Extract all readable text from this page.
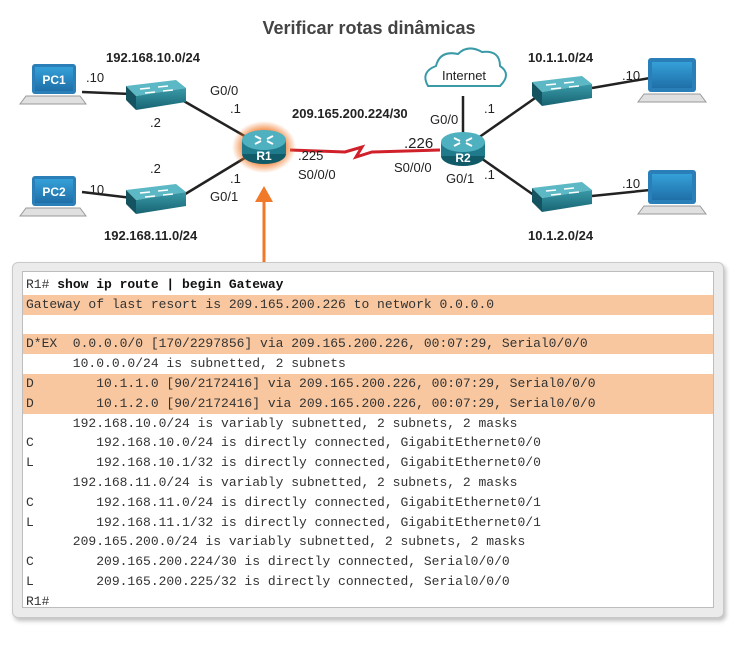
Verificar rotas dinâmicas
PC1
PC2
Internet
R1	R2
192.168.10.0/24
192.168.11.0/24
209.165.200.224/30
10.1.1.0/24
10.1.2.0/24
.10
.10
.2
.2
G0/0
.1
.1
G0/1
.225
S0/0/0
.226
S0/0/0
G0/0
.1
G0/1 .1
.10
.10
R1# show ip route | begin Gateway
Gateway of last resort is 209.165.200.226 to network 0.0.0.0
D*EX  0.0.0.0/0 [170/2297856] via 209.165.200.226, 00:07:29, Serial0/0/0
10.0.0.0/24 is subnetted, 2 subnets
D        10.1.1.0 [90/2172416] via 209.165.200.226, 00:07:29, Serial0/0/0
D        10.1.2.0 [90/2172416] via 209.165.200.226, 00:07:29, Serial0/0/0
192.168.10.0/24 is variably subnetted, 2 subnets, 2 masks
C        192.168.10.0/24 is directly connected, GigabitEthernet0/0
L        192.168.10.1/32 is directly connected, GigabitEthernet0/0
192.168.11.0/24 is variably subnetted, 2 subnets, 2 masks
C        192.168.11.0/24 is directly connected, GigabitEthernet0/1
L        192.168.11.1/32 is directly connected, GigabitEthernet0/1
209.165.200.0/24 is variably subnetted, 2 subnets, 2 masks
C        209.165.200.224/30 is directly connected, Serial0/0/0
L        209.165.200.225/32 is directly connected, Serial0/0/0
R1#
